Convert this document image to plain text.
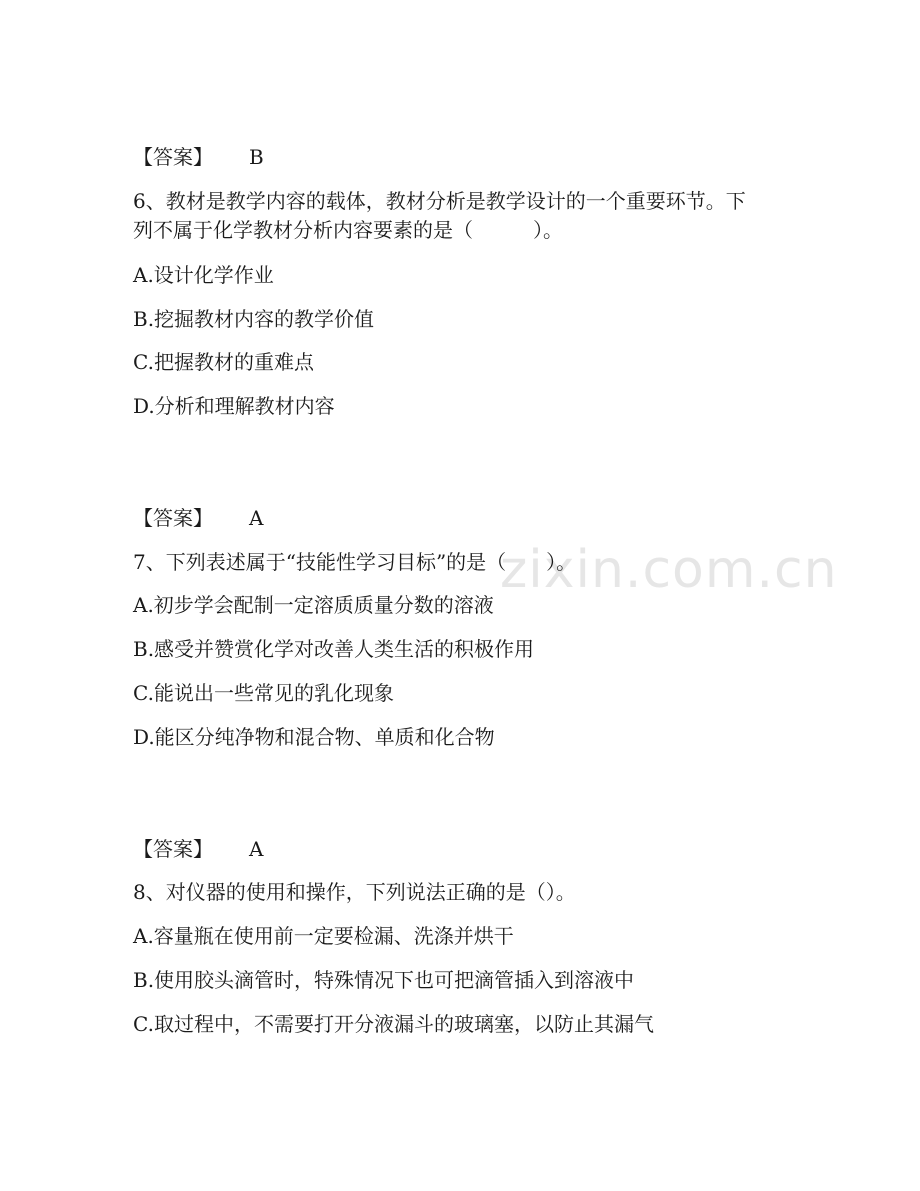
zixin.com.cn
【答案】 B
6、教材是教学内容的载体，教材分析是教学设计的一个重要环节。下
列不属于化学教材分析内容要素的是（　　　）。
A.设计化学作业
B.挖掘教材内容的教学价值
C.把握教材的重难点
D.分析和理解教材内容
【答案】 A
7、下列表述属于“技能性学习目标”的是（　　）。
A.初步学会配制一定溶质质量分数的溶液
B.感受并赞赏化学对改善人类生活的积极作用
C.能说出一些常见的乳化现象
D.能区分纯净物和混合物、单质和化合物
【答案】 A
8、对仪器的使用和操作，下列说法正确的是（）。
A.容量瓶在使用前一定要检漏、洗涤并烘干
B.使用胶头滴管时，特殊情况下也可把滴管插入到溶液中
C.取过程中，不需要打开分液漏斗的玻璃塞，以防止其漏气
